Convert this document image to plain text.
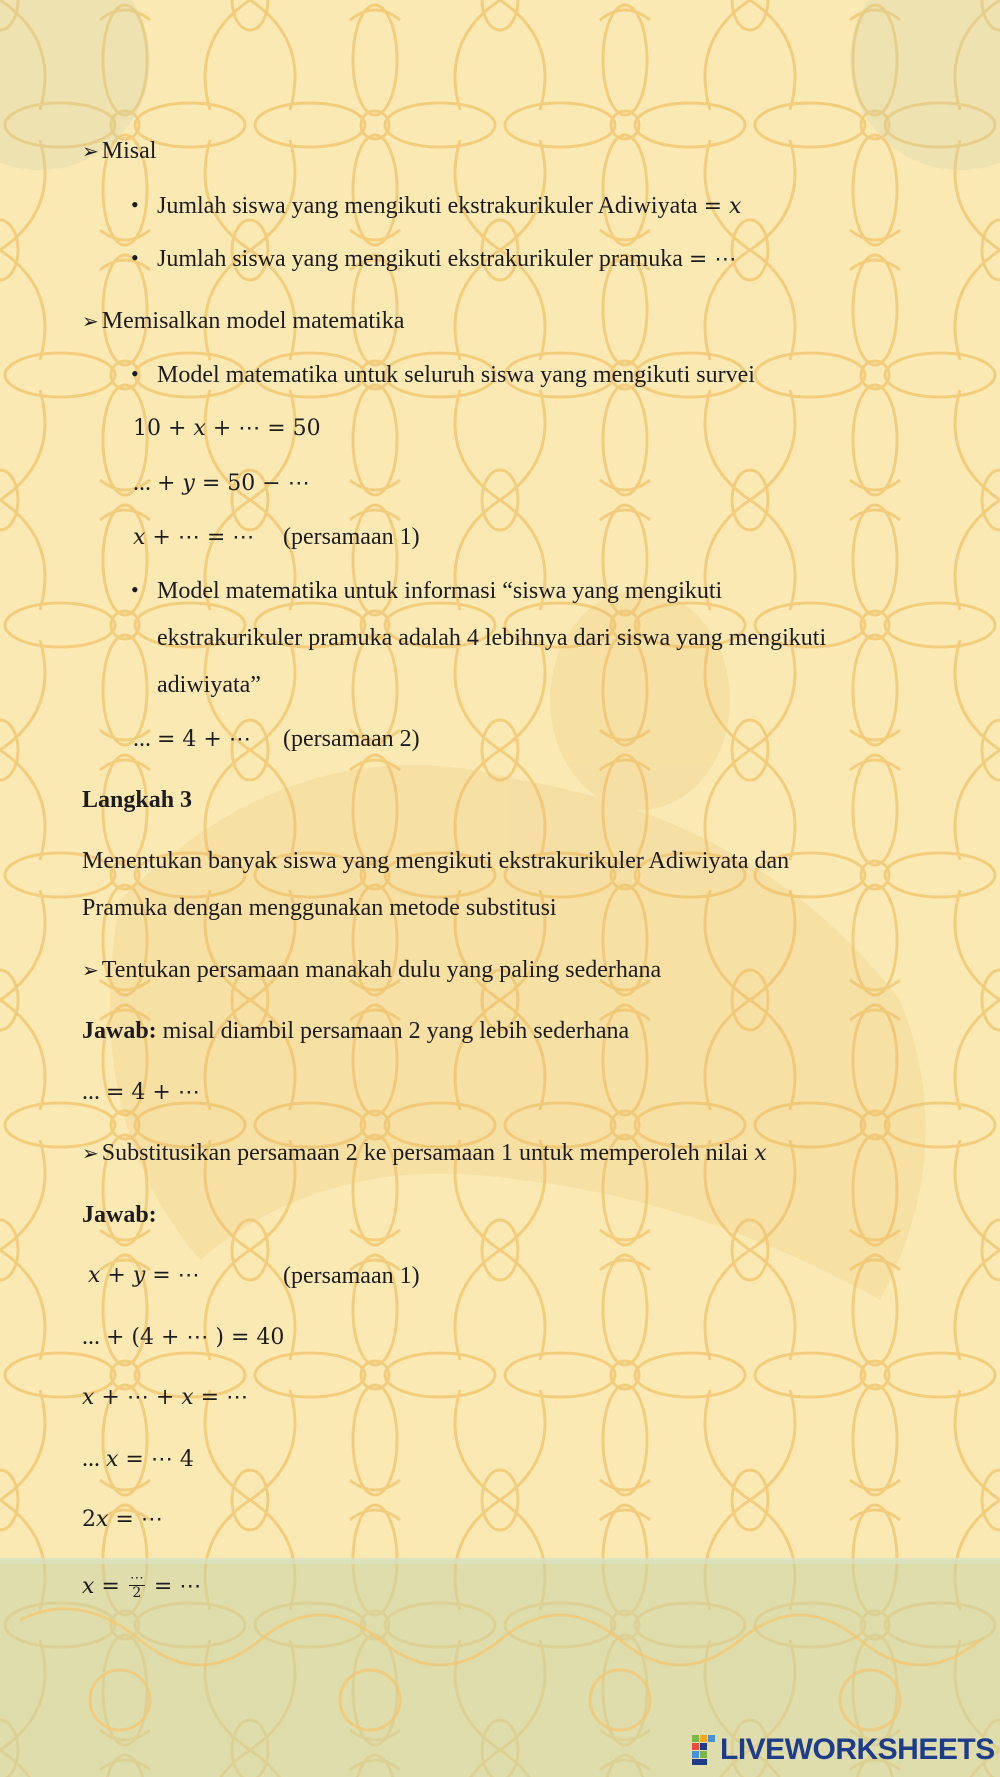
➢ Misal
• Jumlah siswa yang mengikuti ekstrakurikuler Adiwiyata = 𝑥
• Jumlah siswa yang mengikuti ekstrakurikuler pramuka = ⋯
➢ Memisalkan model matematika
• Model matematika untuk seluruh siswa yang mengikuti survei
10 + 𝑥 + ⋯ = 50
... + 𝑦 = 50 − ⋯
𝑥 + ⋯ = ⋯ (persamaan 1)
• Model matematika untuk informasi “siswa yang mengikuti
ekstrakurikuler pramuka adalah 4 lebihnya dari siswa yang mengikuti
adiwiyata”
... = 4 + ⋯ (persamaan 2)
Langkah 3
Menentukan banyak siswa yang mengikuti ekstrakurikuler Adiwiyata dan
Pramuka dengan menggunakan metode substitusi
➢ Tentukan persamaan manakah dulu yang paling sederhana
Jawab: misal diambil persamaan 2 yang lebih sederhana
... = 4 + ⋯
➢ Substitusikan persamaan 2 ke persamaan 1 untuk memperoleh nilai 𝑥
Jawab:
𝑥 + 𝑦 = ⋯	(persamaan 1)
... + (4 + ⋯ ) = 40
𝑥 + ⋯ + 𝑥 = ⋯
... 𝑥 = ⋯ 4
2𝑥 = ⋯
𝑥 = $\frac{\cdots}{2}$ = ⋯
LIVEWORKSHEETS
